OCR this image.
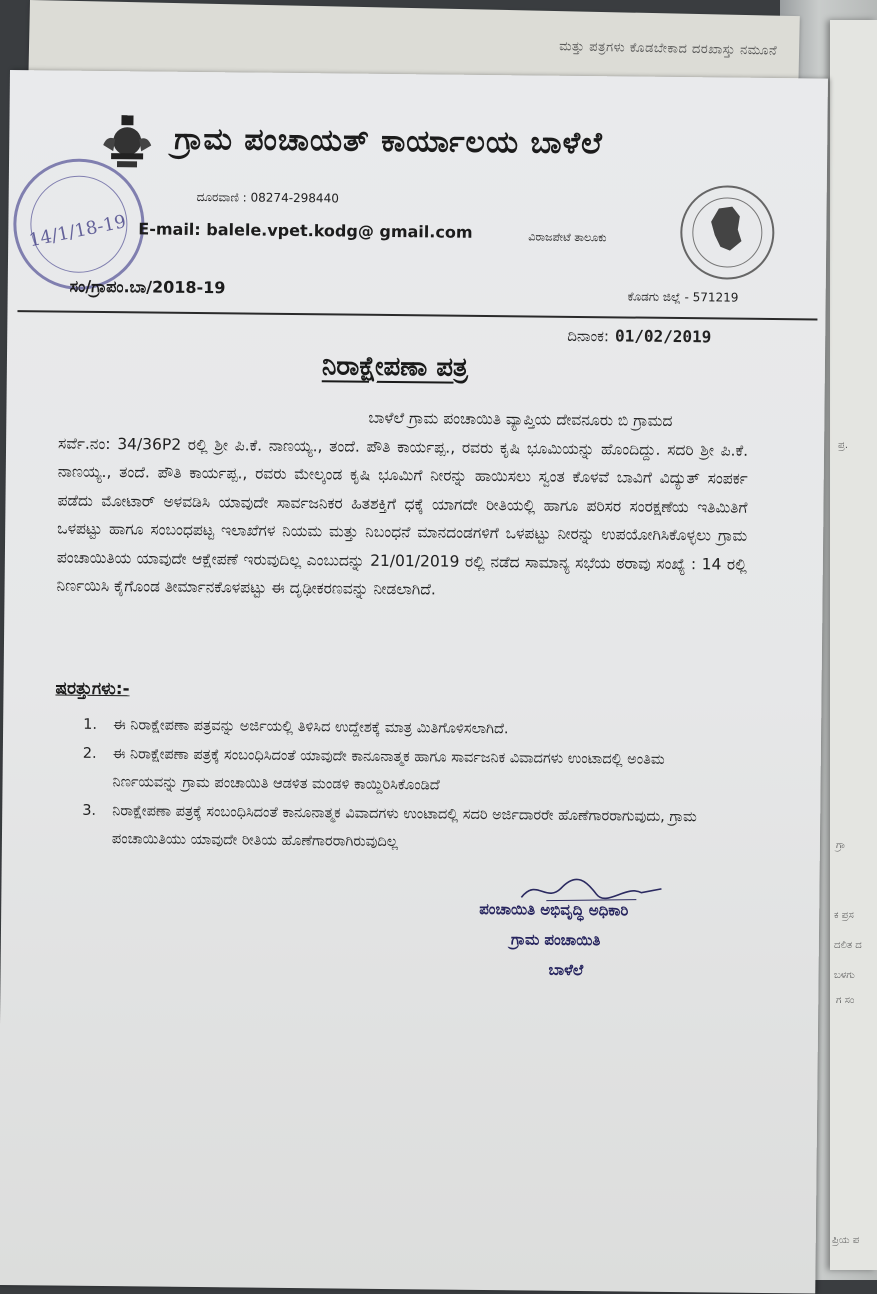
ಪ್ರ.
ಗ್ರಾ
ಕ ಪ್ರಸ
ದಲಿತ ದ
ಬಳಗು
ಗ ಸಂ
ಪ್ರಿಯ ಪ
ಮತ್ತು ಪತ್ರಗಳು ಕೊಡಬೇಕಾದ ದರಖಾಸ್ತು ನಮೂನೆ
14/1/18-19
ಗ್ರಾಮ ಪಂಚಾಯತ್ ಕಾರ್ಯಾಲಯ ಬಾಳೆಲೆ
ದೂರವಾಣಿ : 08274-298440
E-mail: balele.vpet.kodg@ gmail.com	ವಿರಾಜಪೇಟೆ ತಾಲೂಕು
ಕೊಡಗು ಜಿಲ್ಲೆ - 571219
ಸಂ/ಗ್ರಾಪಂ.ಬಾ/2018-19
ದಿನಾಂಕ: 01/02/2019
ನಿರಾಕ್ಷೇಪಣಾ ಪತ್ರ
ಬಾಳೆಲೆ ಗ್ರಾಮ ಪಂಚಾಯಿತಿ ವ್ಯಾಪ್ತಿಯ ದೇವನೂರು ಬಿ ಗ್ರಾಮದ
ಸರ್ವೆ.ನಂ: 34/36P2 ರಲ್ಲಿ ಶ್ರೀ ಪಿ.ಕೆ. ನಾಣಯ್ಯ., ತಂದೆ. ಪೌತಿ ಕಾರ್ಯಪ್ಪ., ರವರು ಕೃಷಿ ಭೂಮಿಯನ್ನು ಹೊಂದಿದ್ದು. ಸದರಿ ಶ್ರೀ ಪಿ.ಕೆ. ನಾಣಯ್ಯ., ತಂದೆ. ಪೌತಿ ಕಾರ್ಯಪ್ಪ., ರವರು ಮೇಲ್ಕಂಡ ಕೃಷಿ ಭೂಮಿಗೆ ನೀರನ್ನು ಹಾಯಿಸಲು ಸ್ವಂತ ಕೊಳವೆ ಬಾವಿಗೆ ವಿದ್ಯುತ್ ಸಂಪರ್ಕ ಪಡೆದು ಮೋಟಾರ್ ಅಳವಡಿಸಿ ಯಾವುದೇ ಸಾರ್ವಜನಿಕರ ಹಿತಶಕ್ತಿಗೆ ಧಕ್ಕೆ ಯಾಗದೇ ರೀತಿಯಲ್ಲಿ ಹಾಗೂ ಪರಿಸರ ಸಂರಕ್ಷಣೆಯ ಇತಿಮಿತಿಗೆ ಒಳಪಟ್ಟು ಹಾಗೂ ಸಂಬಂಧಪಟ್ಟ ಇಲಾಖೆಗಳ ನಿಯಮ ಮತ್ತು ನಿಬಂಧನೆ ಮಾನದಂಡಗಳಿಗೆ ಒಳಪಟ್ಟು ನೀರನ್ನು ಉಪಯೋಗಿಸಿಕೊಳ್ಳಲು ಗ್ರಾಮ ಪಂಚಾಯಿತಿಯ ಯಾವುದೇ ಆಕ್ಷೇಪಣೆ ಇರುವುದಿಲ್ಲ ಎಂಬುದನ್ನು 21/01/2019 ರಲ್ಲಿ ನಡೆದ ಸಾಮಾನ್ಯ ಸಭೆಯ ಠರಾವು ಸಂಖ್ಯೆ : 14 ರಲ್ಲಿ ನಿರ್ಣಯಿಸಿ ಕೈಗೊಂಡ ತೀರ್ಮಾನಕೊಳಪಟ್ಟು ಈ ದೃಢೀಕರಣವನ್ನು ನೀಡಲಾಗಿದೆ.
ಷರತ್ತುಗಳು:-
1. ಈ ನಿರಾಕ್ಷೇಪಣಾ ಪತ್ರವನ್ನು ಅರ್ಜಿಯಲ್ಲಿ ತಿಳಿಸಿದ ಉದ್ದೇಶಕ್ಕೆ ಮಾತ್ರ ಮಿತಿಗೊಳಿಸಲಾಗಿದೆ.
2. ಈ ನಿರಾಕ್ಷೇಪಣಾ ಪತ್ರಕ್ಕೆ ಸಂಬಂಧಿಸಿದಂತೆ ಯಾವುದೇ ಕಾನೂನಾತ್ಮಕ ಹಾಗೂ ಸಾರ್ವಜನಿಕ ವಿವಾದಗಳು ಉಂಟಾದಲ್ಲಿ ಅಂತಿಮ ನಿರ್ಣಯವನ್ನು ಗ್ರಾಮ ಪಂಚಾಯಿತಿ ಆಡಳಿತ ಮಂಡಳಿ ಕಾಯ್ದಿರಿಸಿಕೊಂಡಿದೆ
3. ನಿರಾಕ್ಷೇಪಣಾ ಪತ್ರಕ್ಕೆ ಸಂಬಂಧಿಸಿದಂತೆ ಕಾನೂನಾತ್ಮಕ ವಿವಾದಗಳು ಉಂಟಾದಲ್ಲಿ ಸದರಿ ಅರ್ಜಿದಾರರೇ ಹೊಣೆಗಾರರಾಗುವುದು, ಗ್ರಾಮ ಪಂಚಾಯಿತಿಯು ಯಾವುದೇ ರೀತಿಯ ಹೊಣೆಗಾರರಾಗಿರುವುದಿಲ್ಲ
ಪಂಚಾಯಿತಿ ಅಭಿವೃದ್ಧಿ ಅಧಿಕಾರಿ
ಗ್ರಾಮ ಪಂಚಾಯಿತಿ
ಬಾಳೆಲೆ
